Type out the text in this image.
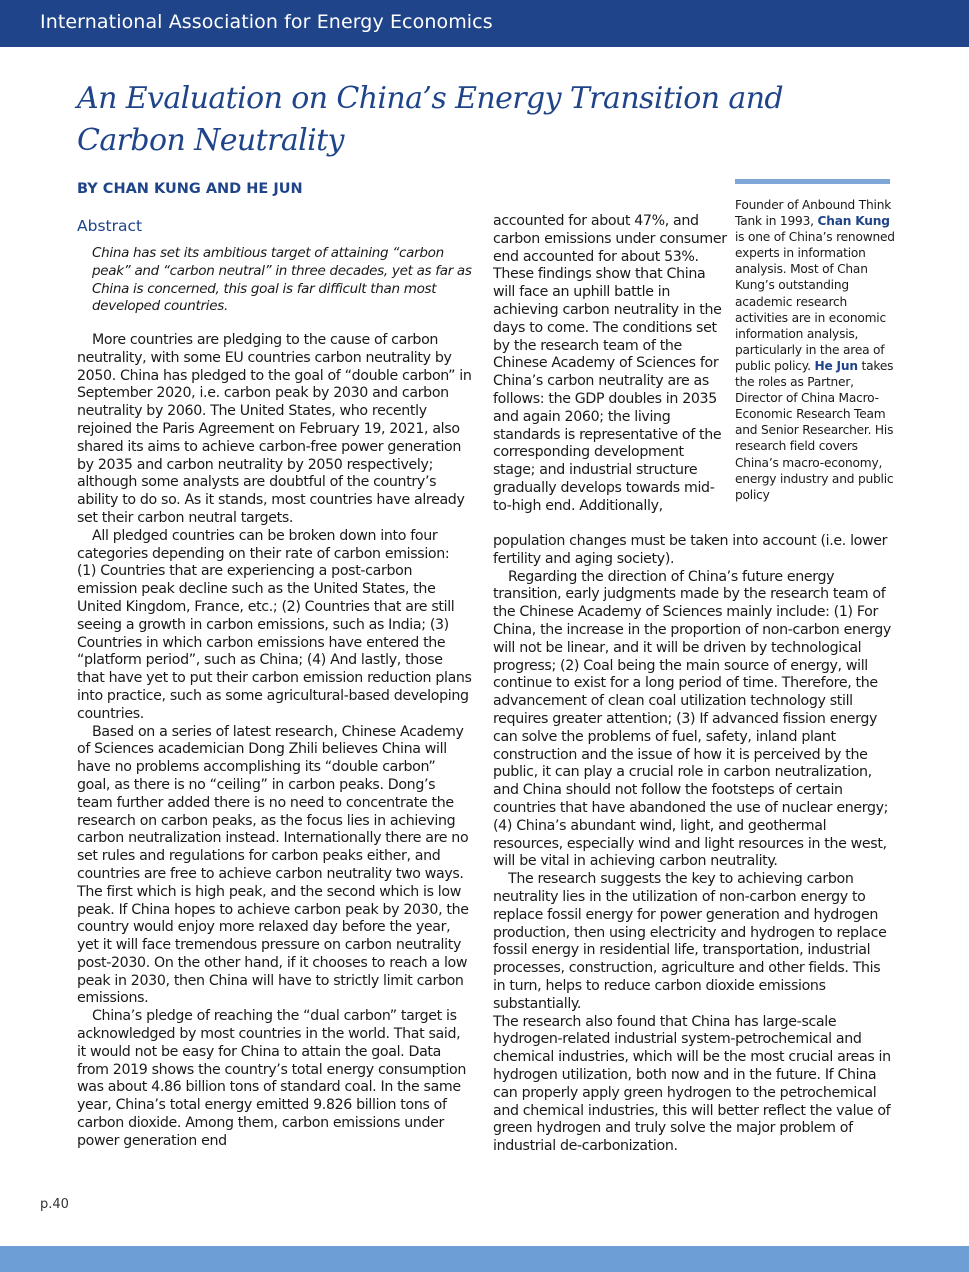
International Association for Energy Economics
An Evaluation on China’s Energy Transition and Carbon Neutrality
BY CHAN KUNG AND HE JUN
Abstract

China has set its ambitious target of attaining “carbon peak” and “carbon neutral” in three decades, yet as far as China is concerned, this goal is far difficult than most developed countries.

More countries are pledging to the cause of carbon neutrality, with some EU countries carbon neutrality by 2050. China has pledged to the goal of “double carbon” in September 2020, i.e. carbon peak by 2030 and carbon neutrality by 2060. The United States, who recently rejoined the Paris Agreement on February 19, 2021, also shared its aims to achieve carbon-free power generation by 2035 and carbon neutrality by 2050 respectively; although some analysts are doubtful of the country’s ability to do so. As it stands, most countries have already set their carbon neutral targets.

All pledged countries can be broken down into four categories depending on their rate of carbon emission: (1) Countries that are experiencing a post-carbon emission peak decline such as the United States, the United Kingdom, France, etc.; (2) Countries that are still seeing a growth in carbon emissions, such as India; (3) Countries in which carbon emissions have entered the “platform period”, such as China; (4) And lastly, those that have yet to put their carbon emission reduction plans into practice, such as some agricultural-based developing countries.

Based on a series of latest research, Chinese Academy of Sciences academician Dong Zhili believes China will have no problems accomplishing its “double carbon” goal, as there is no “ceiling” in carbon peaks. Dong’s team further added there is no need to concentrate the research on carbon peaks, as the focus lies in achieving carbon neutralization instead. Internationally there are no set rules and regulations for carbon peaks either, and countries are free to achieve carbon neutrality two ways. The first which is high peak, and the second which is low peak. If China hopes to achieve carbon peak by 2030, the country would enjoy more relaxed day before the year, yet it will face tremendous pressure on carbon neutrality post-2030. On the other hand, if it chooses to reach a low peak in 2030, then China will have to strictly limit carbon emissions.

China’s pledge of reaching the “dual carbon” target is acknowledged by most countries in the world. That said, it would not be easy for China to attain the goal. Data from 2019 shows the country’s total energy consumption was about 4.86 billion tons of standard coal. In the same year, China’s total energy emitted 9.826 billion tons of carbon dioxide. Among them, carbon emissions under power generation end

accounted for about 47%, and carbon emissions under consumer end accounted for about 53%. These findings show that China will face an uphill battle in achieving carbon neutrality in the days to come. The conditions set by the research team of the Chinese Academy of Sciences for China’s carbon neutrality are as follows: the GDP doubles in 2035 and again 2060; the living standards is representative of the corresponding development stage; and industrial structure gradually develops towards mid-to-high end. Additionally,

Founder of Anbound Think Tank in 1993, Chan Kung is one of China’s renowned experts in information analysis. Most of Chan Kung’s outstanding academic research activities are in economic information analysis, particularly in the area of public policy. He Jun takes the roles as Partner, Director of China Macro-Economic Research Team and Senior Researcher. His research field covers China’s macro-economy, energy industry and public policy

population changes must be taken into account (i.e. lower fertility and aging society).

Regarding the direction of China’s future energy transition, early judgments made by the research team of the Chinese Academy of Sciences mainly include: (1) For China, the increase in the proportion of non-carbon energy will not be linear, and it will be driven by technological progress; (2) Coal being the main source of energy, will continue to exist for a long period of time. Therefore, the advancement of clean coal utilization technology still requires greater attention; (3) If advanced fission energy can solve the problems of fuel, safety, inland plant construction and the issue of how it is perceived by the public, it can play a crucial role in carbon neutralization, and China should not follow the footsteps of certain countries that have abandoned the use of nuclear energy; (4) China’s abundant wind, light, and geothermal resources, especially wind and light resources in the west, will be vital in achieving carbon neutrality.

The research suggests the key to achieving carbon neutrality lies in the utilization of non-carbon energy to replace fossil energy for power generation and hydrogen production, then using electricity and hydrogen to replace fossil energy in residential life, transportation, industrial processes, construction, agriculture and other fields. This in turn, helps to reduce carbon dioxide emissions substantially.

The research also found that China has large-scale hydrogen-related industrial system-petrochemical and chemical industries, which will be the most crucial areas in hydrogen utilization, both now and in the future. If China can properly apply green hydrogen to the petrochemical and chemical industries, this will better reflect the value of green hydrogen and truly solve the major problem of industrial de-carbonization.

p.40
